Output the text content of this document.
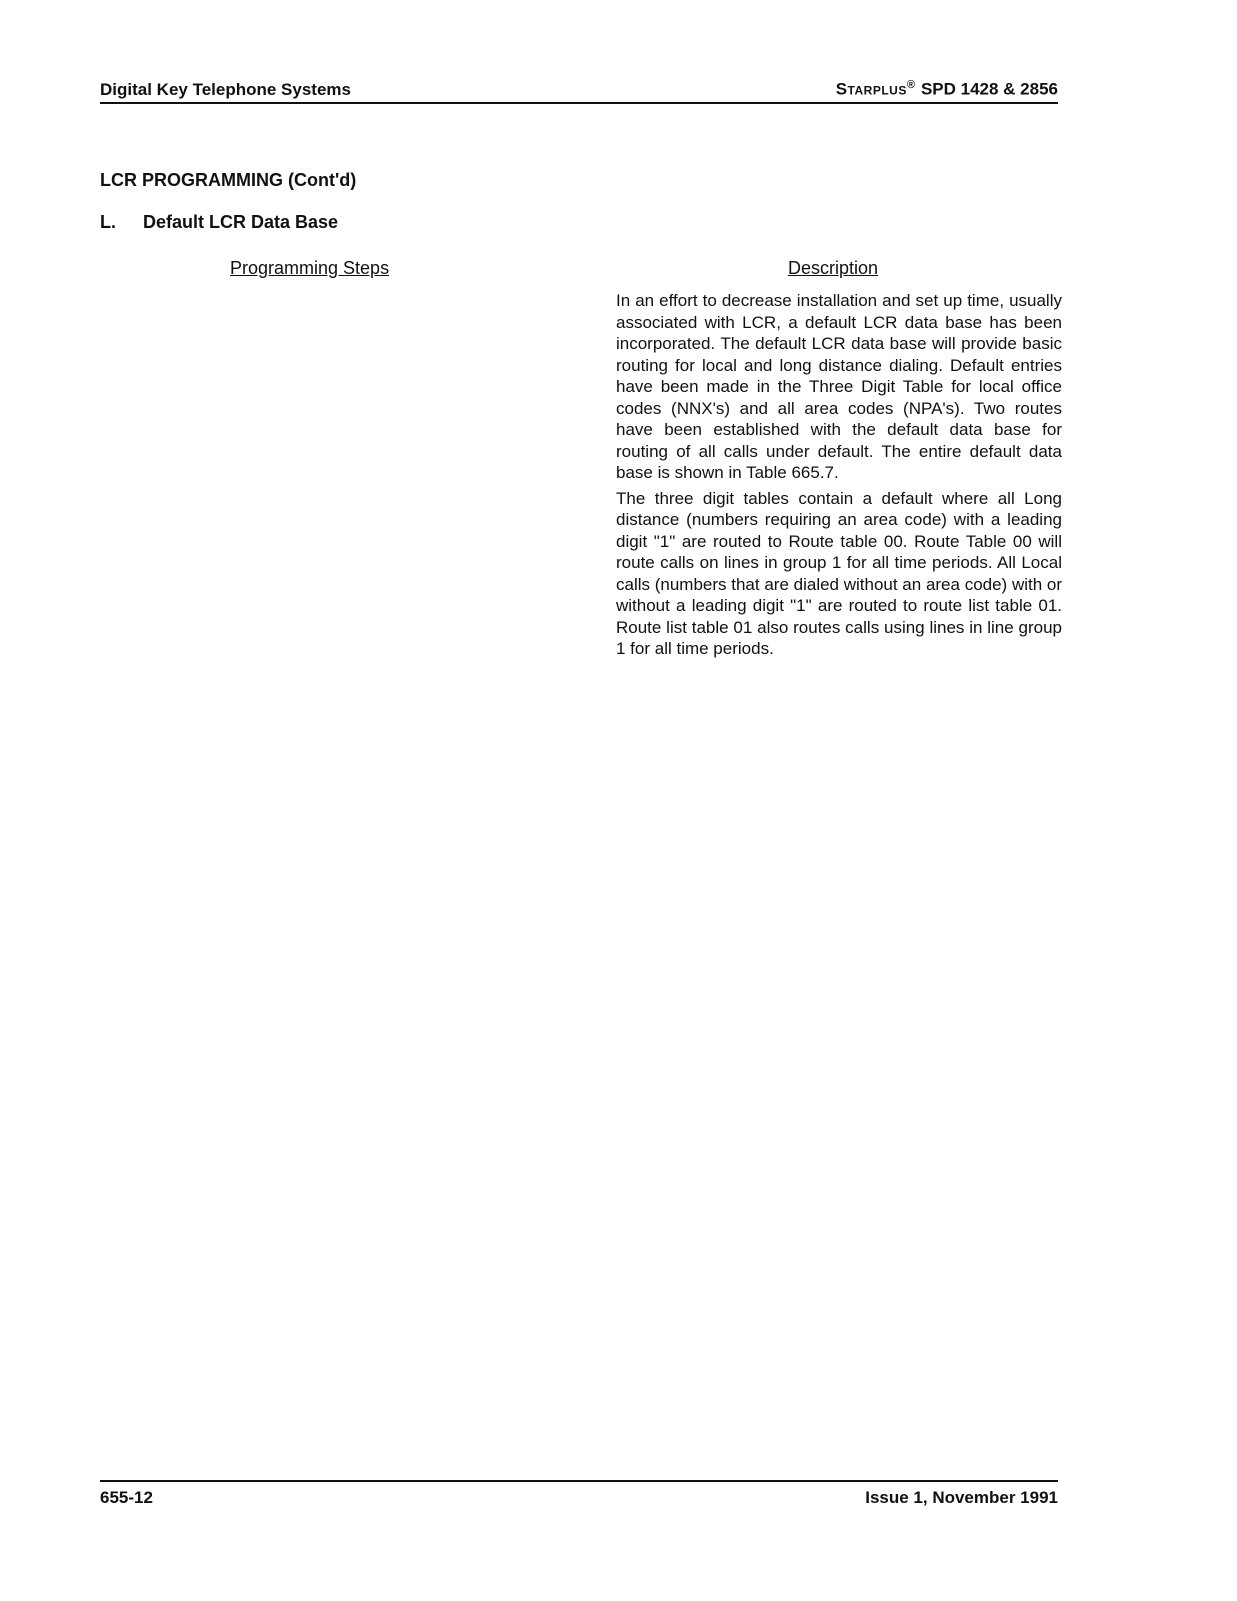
Digital Key Telephone Systems	Starplus® SPD 1428 & 2856
LCR PROGRAMMING (Cont'd)
L. Default LCR Data Base
Programming Steps	Description

In an effort to decrease installation and set up time, usually associated with LCR, a default LCR data base has been incorporated. The default LCR data base will provide basic routing for local and long distance dialing. Default entries have been made in the Three Digit Table for local office codes (NNX's) and all area codes (NPA's). Two routes have been established with the default data base for routing of all calls under default. The entire default data base is shown in Table 665.7.

The three digit tables contain a default where all Long distance (numbers requiring an area code) with a leading digit "1" are routed to Route table 00. Route Table 00 will route calls on lines in group 1 for all time periods. All Local calls (numbers that are dialed without an area code) with or without a leading digit "1" are routed to route list table 01. Route list table 01 also routes calls using lines in line group 1 for all time periods.

655-12	Issue 1, November 1991
